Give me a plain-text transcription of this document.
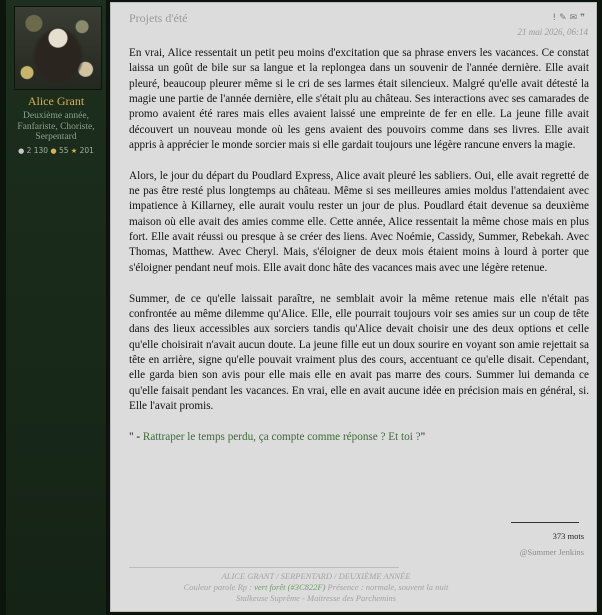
Alice Grant
Deuxième année,
Fanfariste, Choriste,
Serpentard
● 2 130 ● 55 ★ 201
Projets d'été	!✎✉❞
21 mai 2026, 06:14

En vrai, Alice ressentait un petit peu moins d'excitation que sa phrase envers les vacances. Ce constat laissa un goût de bile sur sa langue et la replongea dans un souvenir de l'année dernière. Elle avait pleuré, beaucoup pleurer même si le cri de ses larmes était silencieux. Malgré qu'elle avait détesté la magie une partie de l'année dernière, elle s'était plu au château. Ses interactions avec ses camarades de promo avaient été rares mais elles avaient laissé une empreinte de fer en elle. La jeune fille avait découvert un nouveau monde où les gens avaient des pouvoirs comme dans ses livres. Elle avait appris à apprécier le monde sorcier mais si elle gardait toujours une légère rancune envers la magie.

Alors, le jour du départ du Poudlard Express, Alice avait pleuré les sabliers. Oui, elle avait regretté de ne pas être resté plus longtemps au château. Même si ses meilleures amies moldus l'attendaient avec impatience à Killarney, elle aurait voulu rester un jour de plus. Poudlard était devenue sa deuxième maison où elle avait des amies comme elle. Cette année, Alice ressentait la même chose mais en plus fort. Elle avait réussi ou presque à se créer des liens. Avec Noémie, Cassidy, Summer, Rebekah. Avec Thomas, Matthew. Avec Cheryl. Mais, s'éloigner de deux mois étaient moins à lourd à porter que s'éloigner pendant neuf mois. Elle avait donc hâte des vacances mais avec une légère retenue.

Summer, de ce qu'elle laissait paraître, ne semblait avoir la même retenue mais elle n'était pas confrontée au même dilemme qu'Alice. Elle, elle pourrait toujours voir ses amies sur un coup de tête dans des lieux accessibles aux sorciers tandis qu'Alice devait choisir une des deux options et celle qu'elle choisirait n'avait aucun doute. La jeune fille eut un doux sourire en voyant son amie rejettait sa tête en arrière, signe qu'elle pouvait vraiment plus des cours, accentuant ce qu'elle disait. Cependant, elle garda bien son avis pour elle mais elle en avait pas marre des cours. Summer lui demanda ce qu'elle faisait pendant les vacances. En vrai, elle en avait aucune idée en précision mais en général, si. Elle l'avait promis.

" - Rattraper le temps perdu, ça compte comme réponse ? Et toi ?"

373 mots
@Summer Jenkins
ALICE GRANT / SERPENTARD / DEUXIÈME ANNÉE
Couleur parole Rp : vert forêt (#3C822F) Présence : normale, souvent la nuit
Stalkeuse Suprême - Maitresse des Parchemins
